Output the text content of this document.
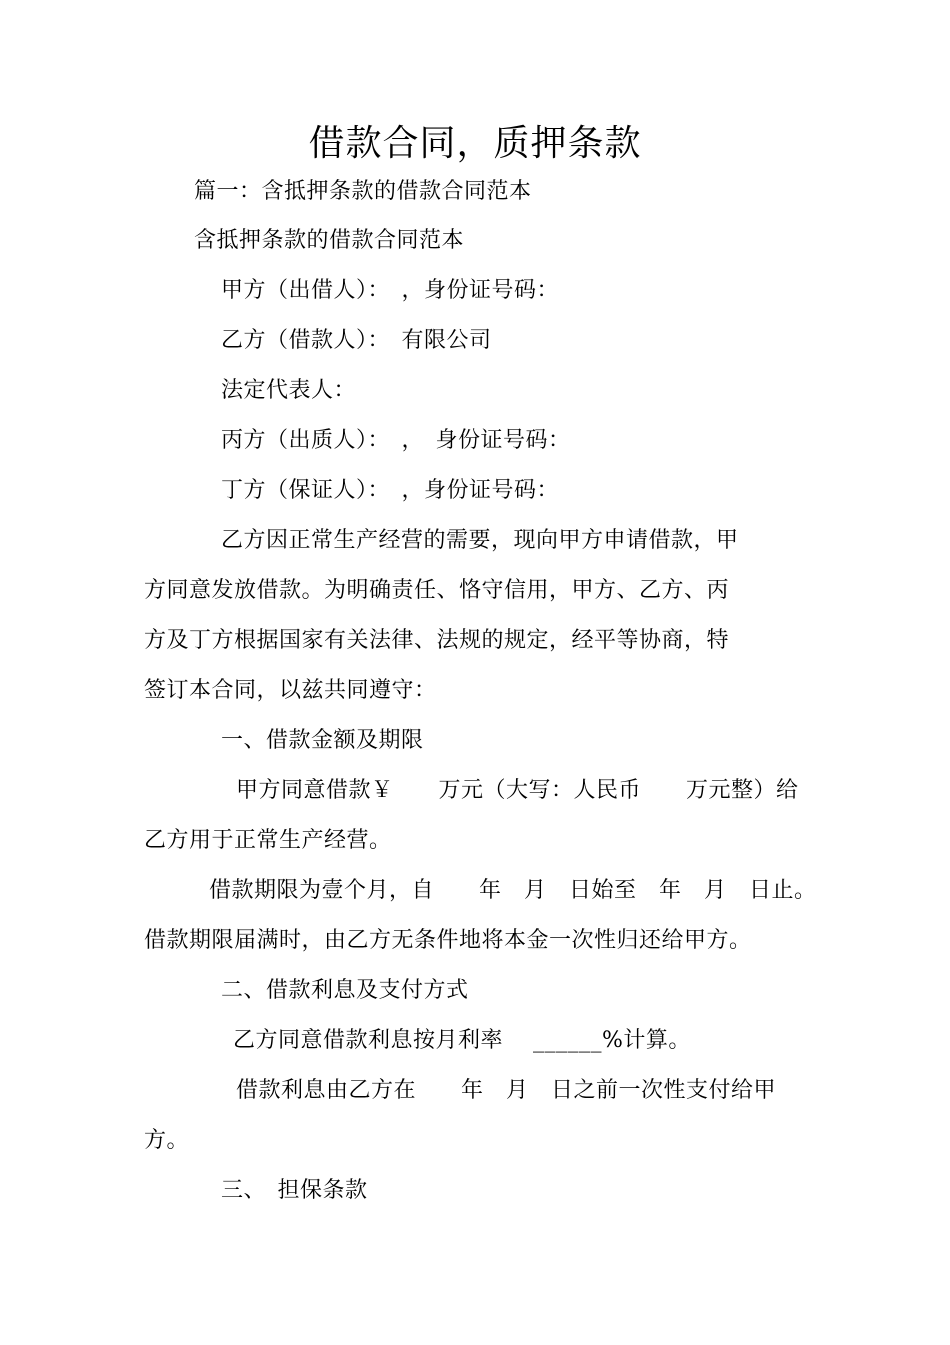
借款合同，质押条款
篇一：含抵押条款的借款合同范本
含抵押条款的借款合同范本
甲方（出借人）：　，身份证号码：
乙方（借款人）：　有限公司
法定代表人：
丙方（出质人）：　，　身份证号码：
丁方（保证人）：　，身份证号码：
乙方因正常生产经营的需要，现向甲方申请借款，甲
方同意发放借款。为明确责任、恪守信用，甲方、乙方、丙
方及丁方根据国家有关法律、法规的规定，经平等协商，特
签订本合同，以兹共同遵守：
一、借款金额及期限
甲方同意借款￥　　万元（大写：人民币　　万元整）给
乙方用于正常生产经营。
借款期限为壹个月，自　　年　月　日始至　年　月　日止。
借款期限届满时，由乙方无条件地将本金一次性归还给甲方。
二、借款利息及支付方式
乙方同意借款利息按月利率　 ______%计算。
借款利息由乙方在　　年　月　日之前一次性支付给甲
方。
三、　担保条款
